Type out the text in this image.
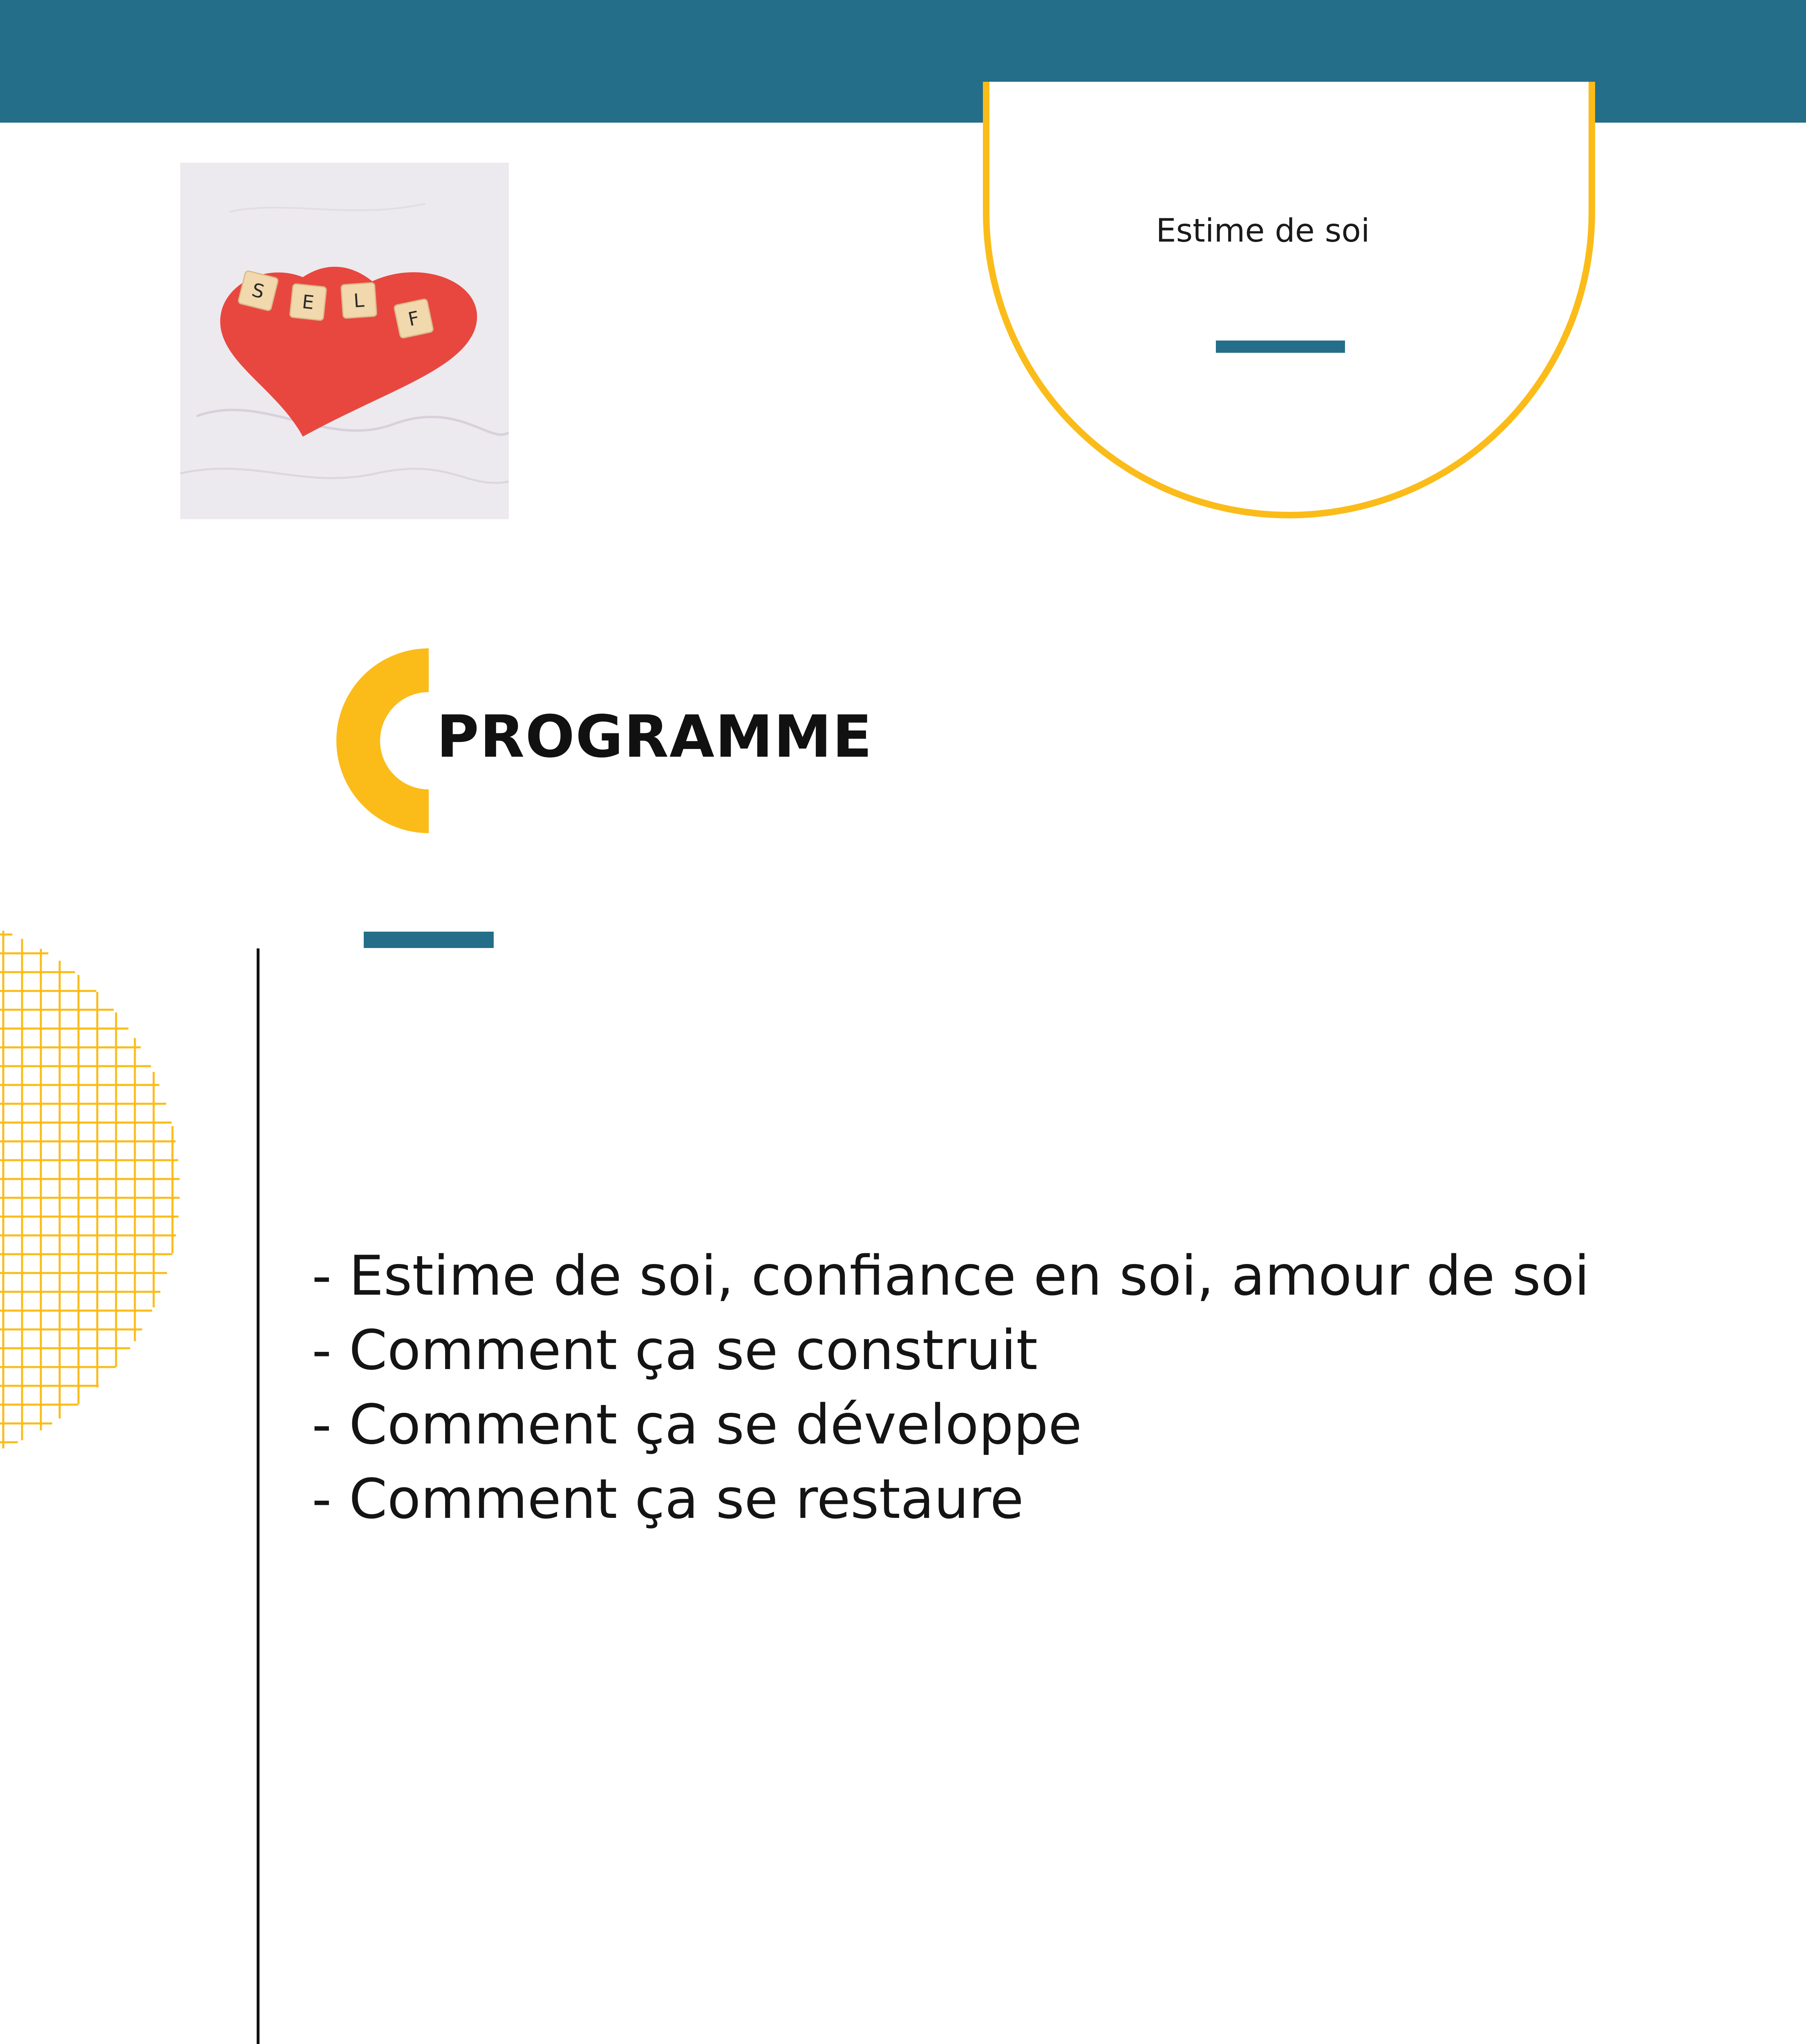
S E L
F
Estime de soi
PROGRAMME
- Estime de soi, confiance en soi, amour de soi
- Comment ça se construit
- Comment ça se développe
- Comment ça se restaure
